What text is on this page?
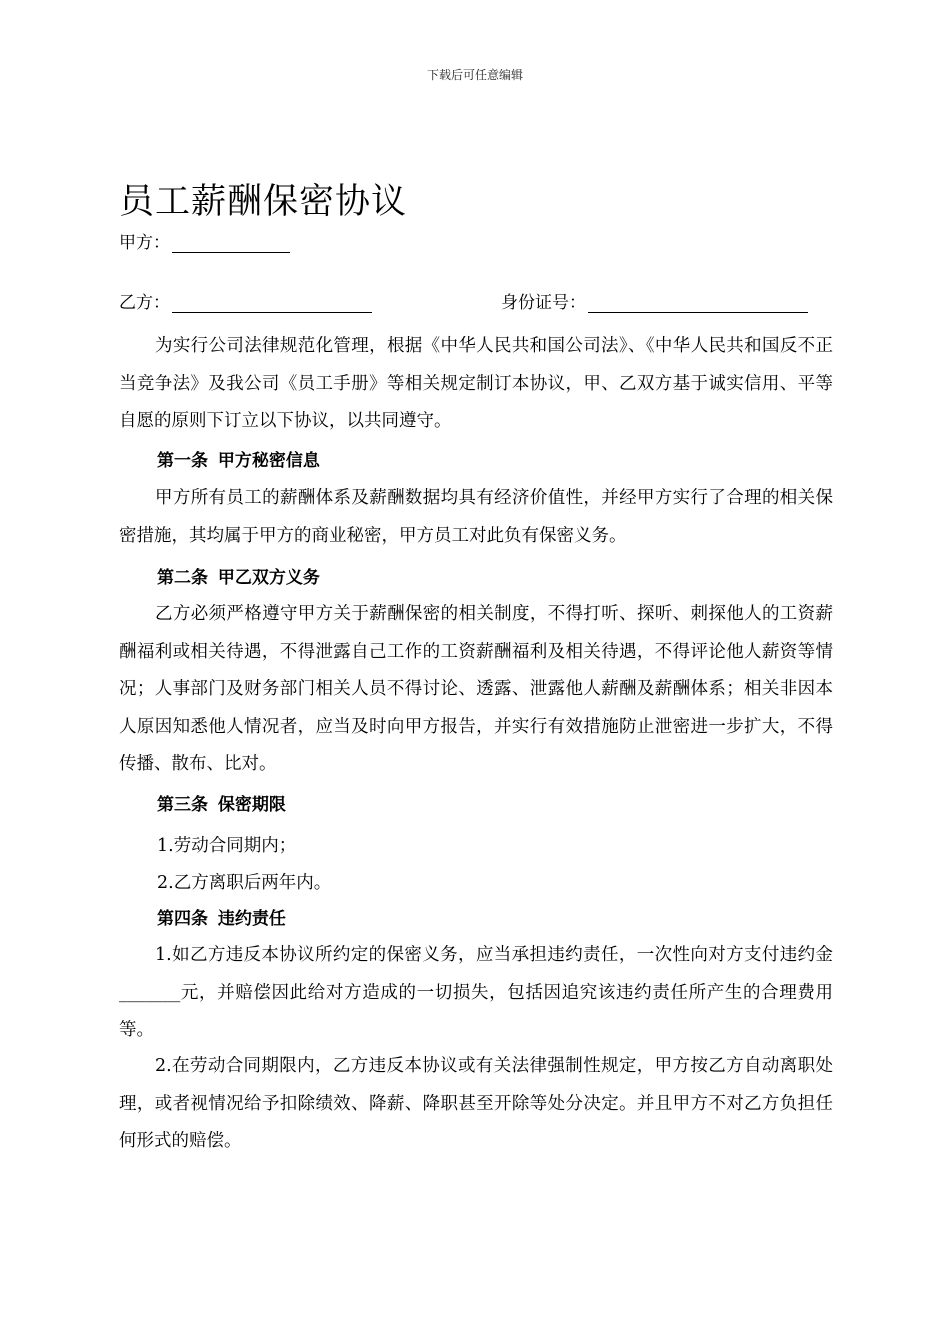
下载后可任意编辑
员工薪酬保密协议
甲方：
乙方：	身份证号：

为实行公司法律规范化管理，根据《中华人民共和国公司法》、《中华人民共和国反不正当竞争法》及我公司《员工手册》等相关规定制订本协议，甲、乙双方基于诚实信用、平等自愿的原则下订立以下协议，以共同遵守。

第一条 甲方秘密信息

甲方所有员工的薪酬体系及薪酬数据均具有经济价值性，并经甲方实行了合理的相关保密措施，其均属于甲方的商业秘密，甲方员工对此负有保密义务。

第二条 甲乙双方义务

乙方必须严格遵守甲方关于薪酬保密的相关制度，不得打听、探听、刺探他人的工资薪酬福利或相关待遇，不得泄露自己工作的工资薪酬福利及相关待遇，不得评论他人薪资等情况；人事部门及财务部门相关人员不得讨论、透露、泄露他人薪酬及薪酬体系；相关非因本人原因知悉他人情况者，应当及时向甲方报告，并实行有效措施防止泄密进一步扩大，不得传播、散布、比对。

第三条 保密期限

1.劳动合同期内；

2.乙方离职后两年内。

第四条 违约责任

1.如乙方违反本协议所约定的保密义务，应当承担违约责任，一次性向对方支付违约金_______元，并赔偿因此给对方造成的一切损失，包括因追究该违约责任所产生的合理费用等。

2.在劳动合同期限内，乙方违反本协议或有关法律强制性规定，甲方按乙方自动离职处理，或者视情况给予扣除绩效、降薪、降职甚至开除等处分决定。并且甲方不对乙方负担任何形式的赔偿。
